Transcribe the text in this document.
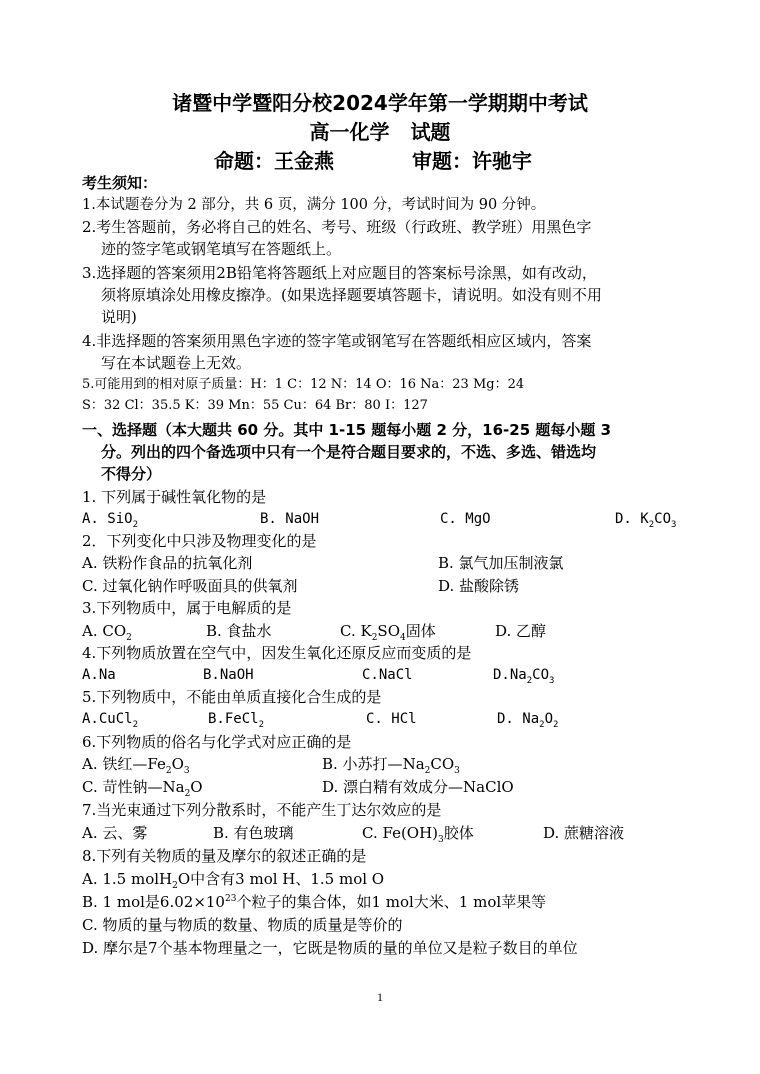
诸暨中学暨阳分校2024学年第一学期期中考试
高一化学 试题
命题：王金燕	审题：许驰宇
考生须知：
1.本试题卷分为 2 部分，共 6 页，满分 100 分，考试时间为 90 分钟。
2.考生答题前，务必将自己的姓名、考号、班级（行政班、教学班）用黑色字
迹的签字笔或钢笔填写在答题纸上。
3.选择题的答案须用2B铅笔将答题纸上对应题目的答案标号涂黑，如有改动，
须将原填涂处用橡皮擦净。(如果选择题要填答题卡，请说明。如没有则不用
说明)
4.非选择题的答案须用黑色字迹的签字笔或钢笔写在答题纸相应区域内，答案
写在本试题卷上无效。
5.可能用到的相对原子质量：H：1 C：12 N：14 O：16 Na：23 Mg：24
S：32 Cl：35.5 K：39 Mn：55 Cu：64 Br：80 I：127
一、选择题（本大题共 60 分。其中 1-15 题每小题 2 分，16-25 题每小题 3
分。列出的四个备选项中只有一个是符合题目要求的，不选、多选、错选均
不得分）
1. 下列属于碱性氧化物的是
A. SiO$_2$	B. NaOH	C. MgO	D. $K_2CO_3$
2．下列变化中只涉及物理变化的是
A. 铁粉作食品的抗氧化剂	B. 氯气加压制液氯
C. 过氧化钠作呼吸面具的供氧剂	D. 盐酸除锈
3.下列物质中，属于电解质的是
A. $CO_2$	B. 食盐水	C. $K_2SO_4$固体	D. 乙醇
4.下列物质放置在空气中，因发生氧化还原反应而变质的是
A.Na	B.NaOH	C.NaCl	$D.Na_2CO_3$
5.下列物质中，不能由单质直接化合生成的是
A.CuCl$_2$	B.FeCl$_2$	C. HCl	D. $Na_2O_2$
6.下列物质的俗名与化学式对应正确的是
A. 铁红$—Fe_2O_3$	B. 小苏打$—Na_2CO_3$
C. 苛性钠$—Na_2O$	D. 漂白精有效成分—NaClO
7.当光束通过下列分散系时，不能产生丁达尔效应的是
A. 云、雾	B. 有色玻璃	C. $Fe(OH)_3$胶体	D. 蔗糖溶液
8.下列有关物质的量及摩尔的叙述正确的是
A. 1.5 molH$_2$O中含有3 mol H、1.5 mol O
B. 1 mol是$6.02\times 10^{23}$个粒子的集合体，如1 mol大米、1 mol苹果等
C. 物质的量与物质的数量、物质的质量是等价的
D. 摩尔是7个基本物理量之一，它既是物质的量的单位又是粒子数目的单位
1
